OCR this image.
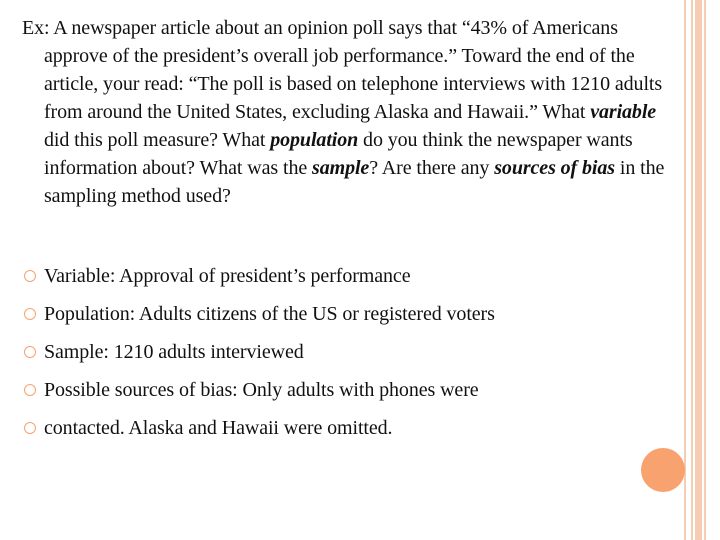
Ex: A newspaper article about an opinion poll says that “43% of Americans approve of the president’s overall job performance.” Toward the end of the article, your read: “The poll is based on telephone interviews with 1210 adults from around the United States, excluding Alaska and Hawaii.” What variable did this poll measure? What population do you think the newspaper wants information about? What was the sample? Are there any sources of bias in the sampling method used?

Variable: Approval of president’s performance
Population: Adults citizens of the US or registered voters
Sample: 1210 adults interviewed
Possible sources of bias: Only adults with phones were
contacted. Alaska and Hawaii were omitted.
